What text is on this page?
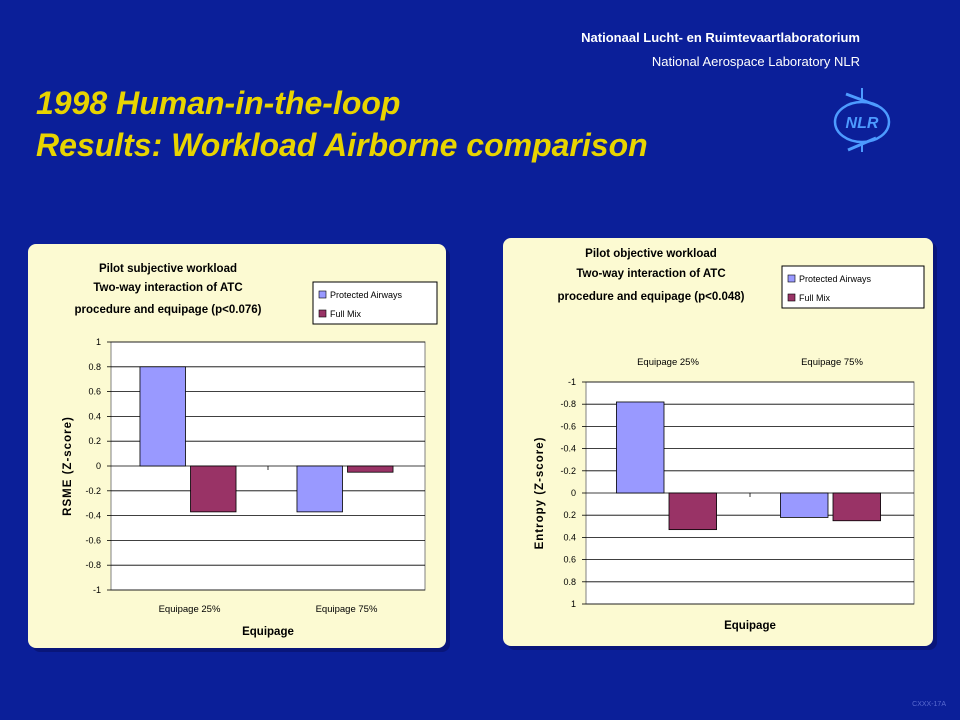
Nationaal Lucht- en Ruimtevaartlaboratorium
National Aerospace Laboratory NLR
1998 Human-in-the-loop
Results: Workload Airborne comparison
NLR
Pilot subjective workload
Two-way interaction of ATC
procedure and equipage (p<0.076)
Protected Airways
Full Mix
1
0.8
0.6
0.4
0.2
0
-0.2
-0.4
-0.6
-0.8
-1
Equipage 25%	Equipage 75%
Equipage
RSME (Z-score)
Pilot objective workload
Two-way interaction of ATC
procedure and equipage (p<0.048)
Protected Airways
Full Mix
-1
-0.8
-0.6
-0.4
-0.2
0
0.2
0.4
0.6
0.8
1
Equipage 25%	Equipage 75%
Equipage
Entropy (Z-score)
CXXX-17A
